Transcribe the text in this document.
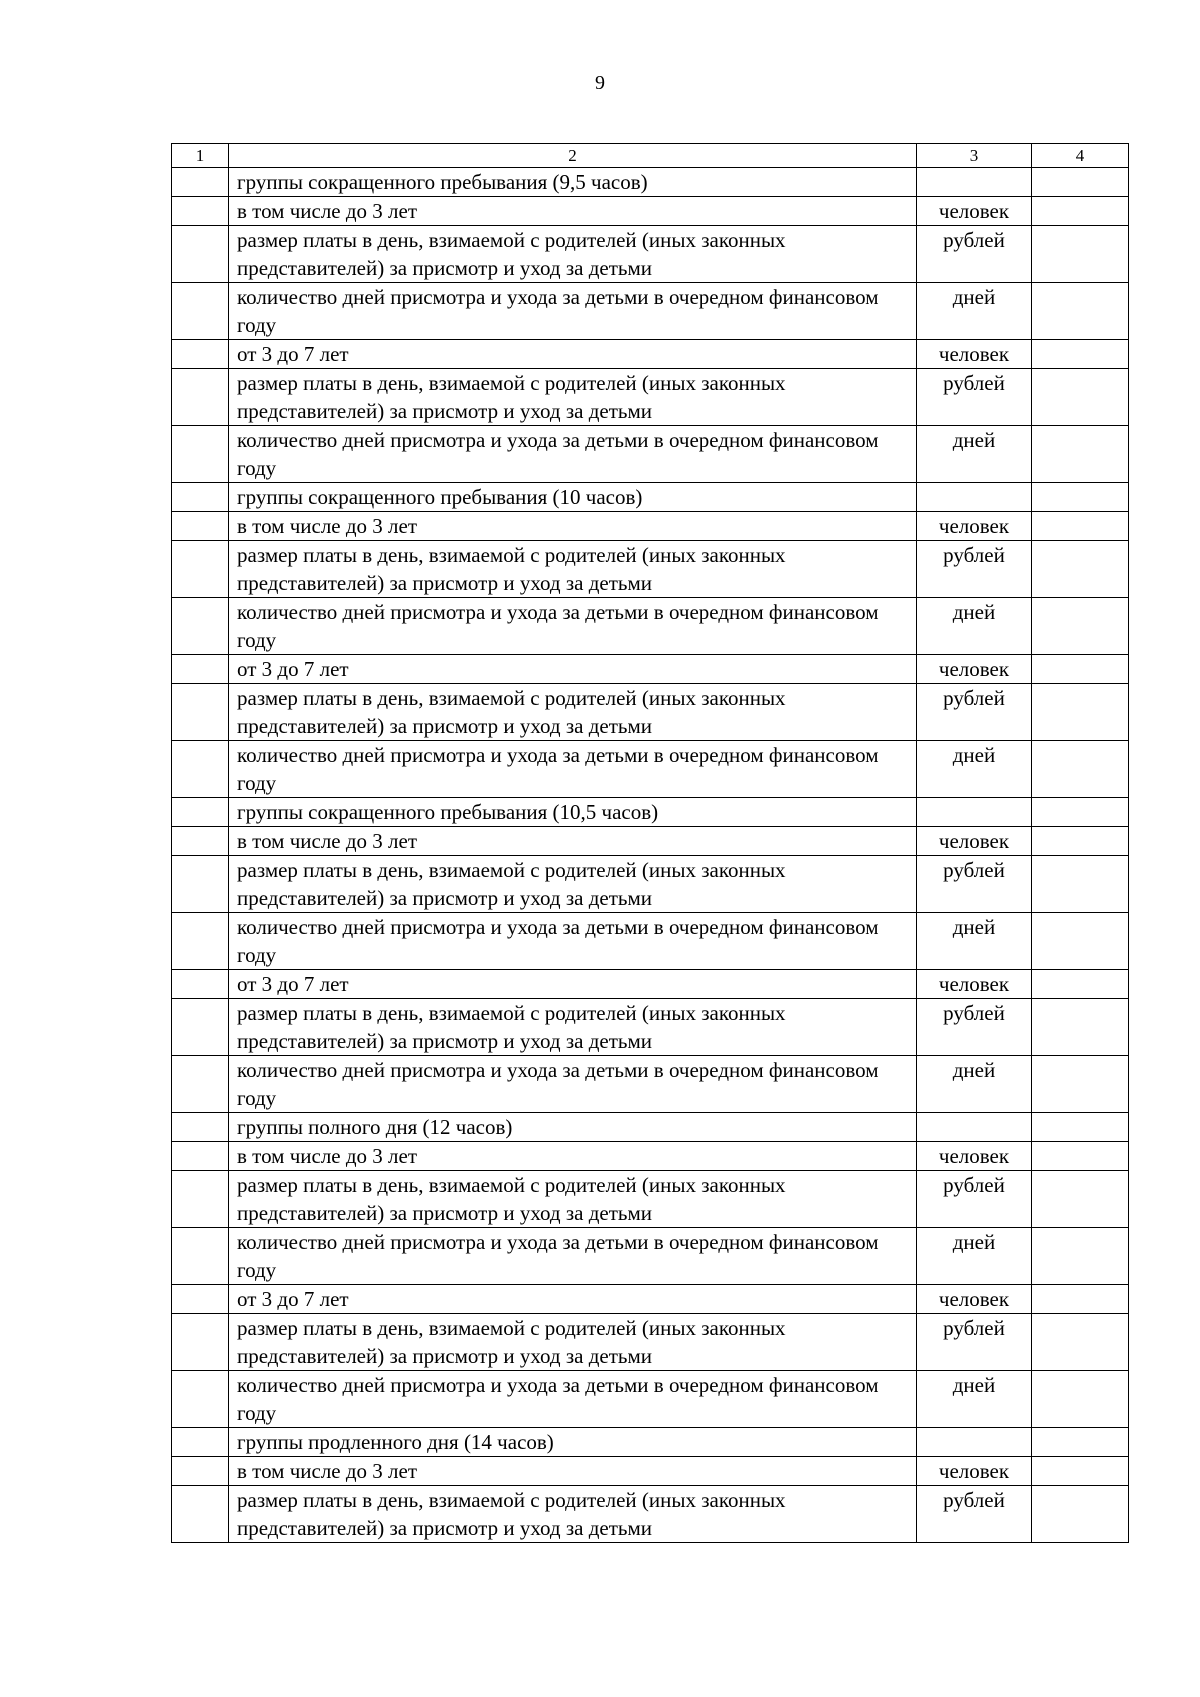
9
1	2	3	4
	группы сокращенного пребывания (9,5 часов)		
	в том числе до 3 лет	человек	
	размер платы в день, взимаемой с родителей (иных законных представителей) за присмотр и уход за детьми	рублей	
	количество дней присмотра и ухода за детьми в очередном финансовом году	дней	
	от 3 до 7 лет	человек	
	размер платы в день, взимаемой с родителей (иных законных представителей) за присмотр и уход за детьми	рублей	
	количество дней присмотра и ухода за детьми в очередном финансовом году	дней	
	группы сокращенного пребывания (10 часов)		
	в том числе до 3 лет	человек	
	размер платы в день, взимаемой с родителей (иных законных представителей) за присмотр и уход за детьми	рублей	
	количество дней присмотра и ухода за детьми в очередном финансовом году	дней	
	от 3 до 7 лет	человек	
	размер платы в день, взимаемой с родителей (иных законных представителей) за присмотр и уход за детьми	рублей	
	количество дней присмотра и ухода за детьми в очередном финансовом году	дней	
	группы сокращенного пребывания (10,5 часов)		
	в том числе до 3 лет	человек	
	размер платы в день, взимаемой с родителей (иных законных представителей) за присмотр и уход за детьми	рублей	
	количество дней присмотра и ухода за детьми в очередном финансовом году	дней	
	от 3 до 7 лет	человек	
	размер платы в день, взимаемой с родителей (иных законных представителей) за присмотр и уход за детьми	рублей	
	количество дней присмотра и ухода за детьми в очередном финансовом году	дней	
	группы полного дня (12 часов)		
	в том числе до 3 лет	человек	
	размер платы в день, взимаемой с родителей (иных законных представителей) за присмотр и уход за детьми	рублей	
	количество дней присмотра и ухода за детьми в очередном финансовом году	дней	
	от 3 до 7 лет	человек	
	размер платы в день, взимаемой с родителей (иных законных представителей) за присмотр и уход за детьми	рублей	
	количество дней присмотра и ухода за детьми в очередном финансовом году	дней	
	группы продленного дня (14 часов)		
	в том числе до 3 лет	человек	
	размер платы в день, взимаемой с родителей (иных законных представителей) за присмотр и уход за детьми	рублей	
